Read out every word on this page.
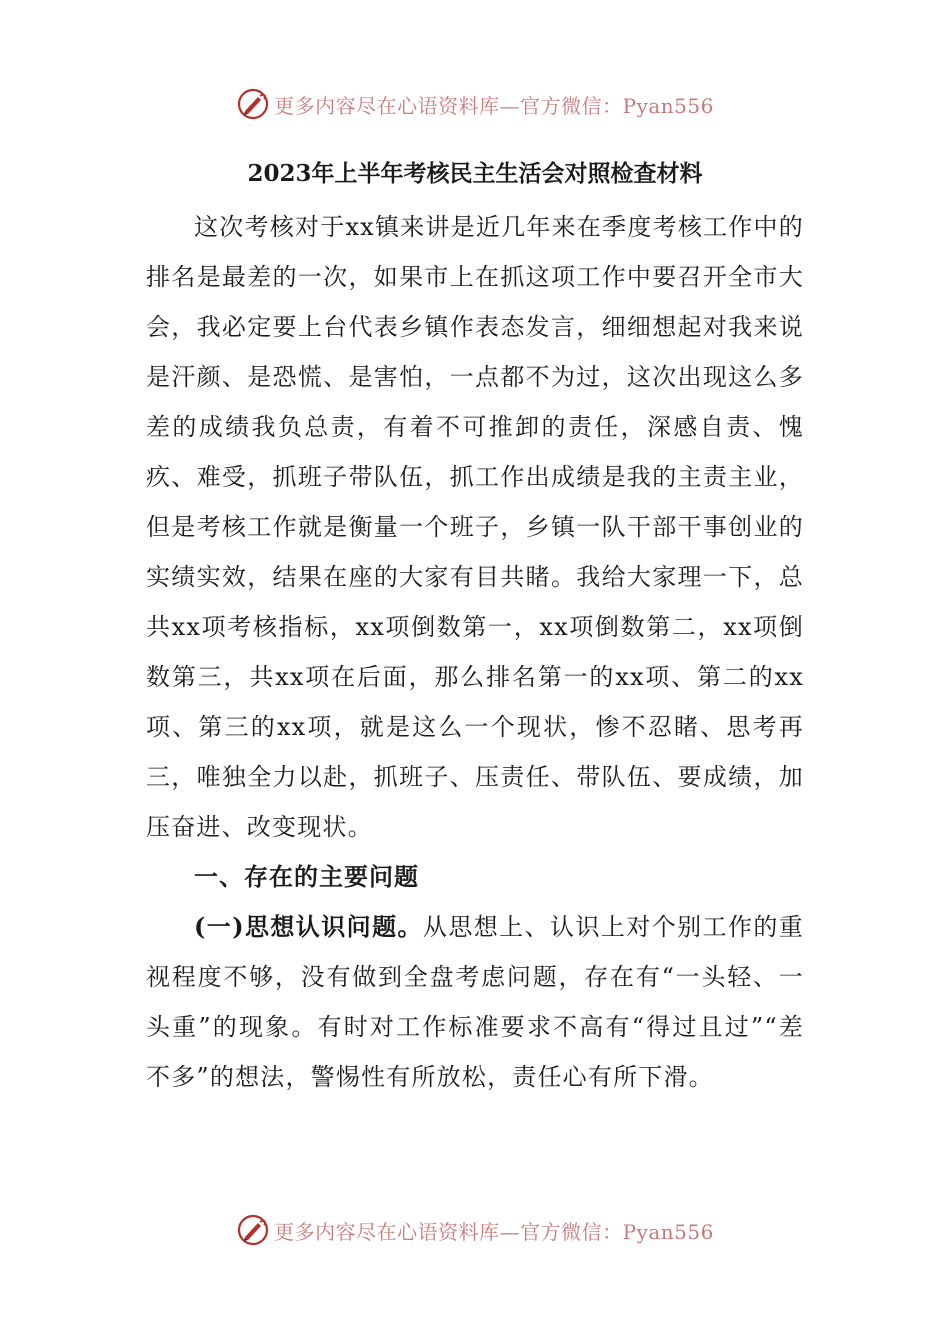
更多内容尽在心语资料库—官方微信：Pyan556
2023年上半年考核民主生活会对照检查材料

这次考核对于xx镇来讲是近几年来在季度考核工作中的排名是最差的一次，如果市上在抓这项工作中要召开全市大会，我必定要上台代表乡镇作表态发言，细细想起对我来说是汗颜、是恐慌、是害怕，一点都不为过，这次出现这么多差的成绩我负总责，有着不可推卸的责任，深感自责、愧疚、难受，抓班子带队伍，抓工作出成绩是我的主责主业，但是考核工作就是衡量一个班子，乡镇一队干部干事创业的实绩实效，结果在座的大家有目共睹。我给大家理一下，总共xx项考核指标，xx项倒数第一，xx项倒数第二，xx项倒数第三，共xx项在后面，那么排名第一的xx项、第二的xx项、第三的xx项，就是这么一个现状，惨不忍睹、思考再三，唯独全力以赴，抓班子、压责任、带队伍、要成绩，加压奋进、改变现状。

一、存在的主要问题

(一)思想认识问题。从思想上、认识上对个别工作的重视程度不够，没有做到全盘考虑问题，存在有“一头轻、一头重”的现象。有时对工作标准要求不高有“得过且过”“差不多”的想法，警惕性有所放松，责任心有所下滑。

更多内容尽在心语资料库—官方微信：Pyan556
